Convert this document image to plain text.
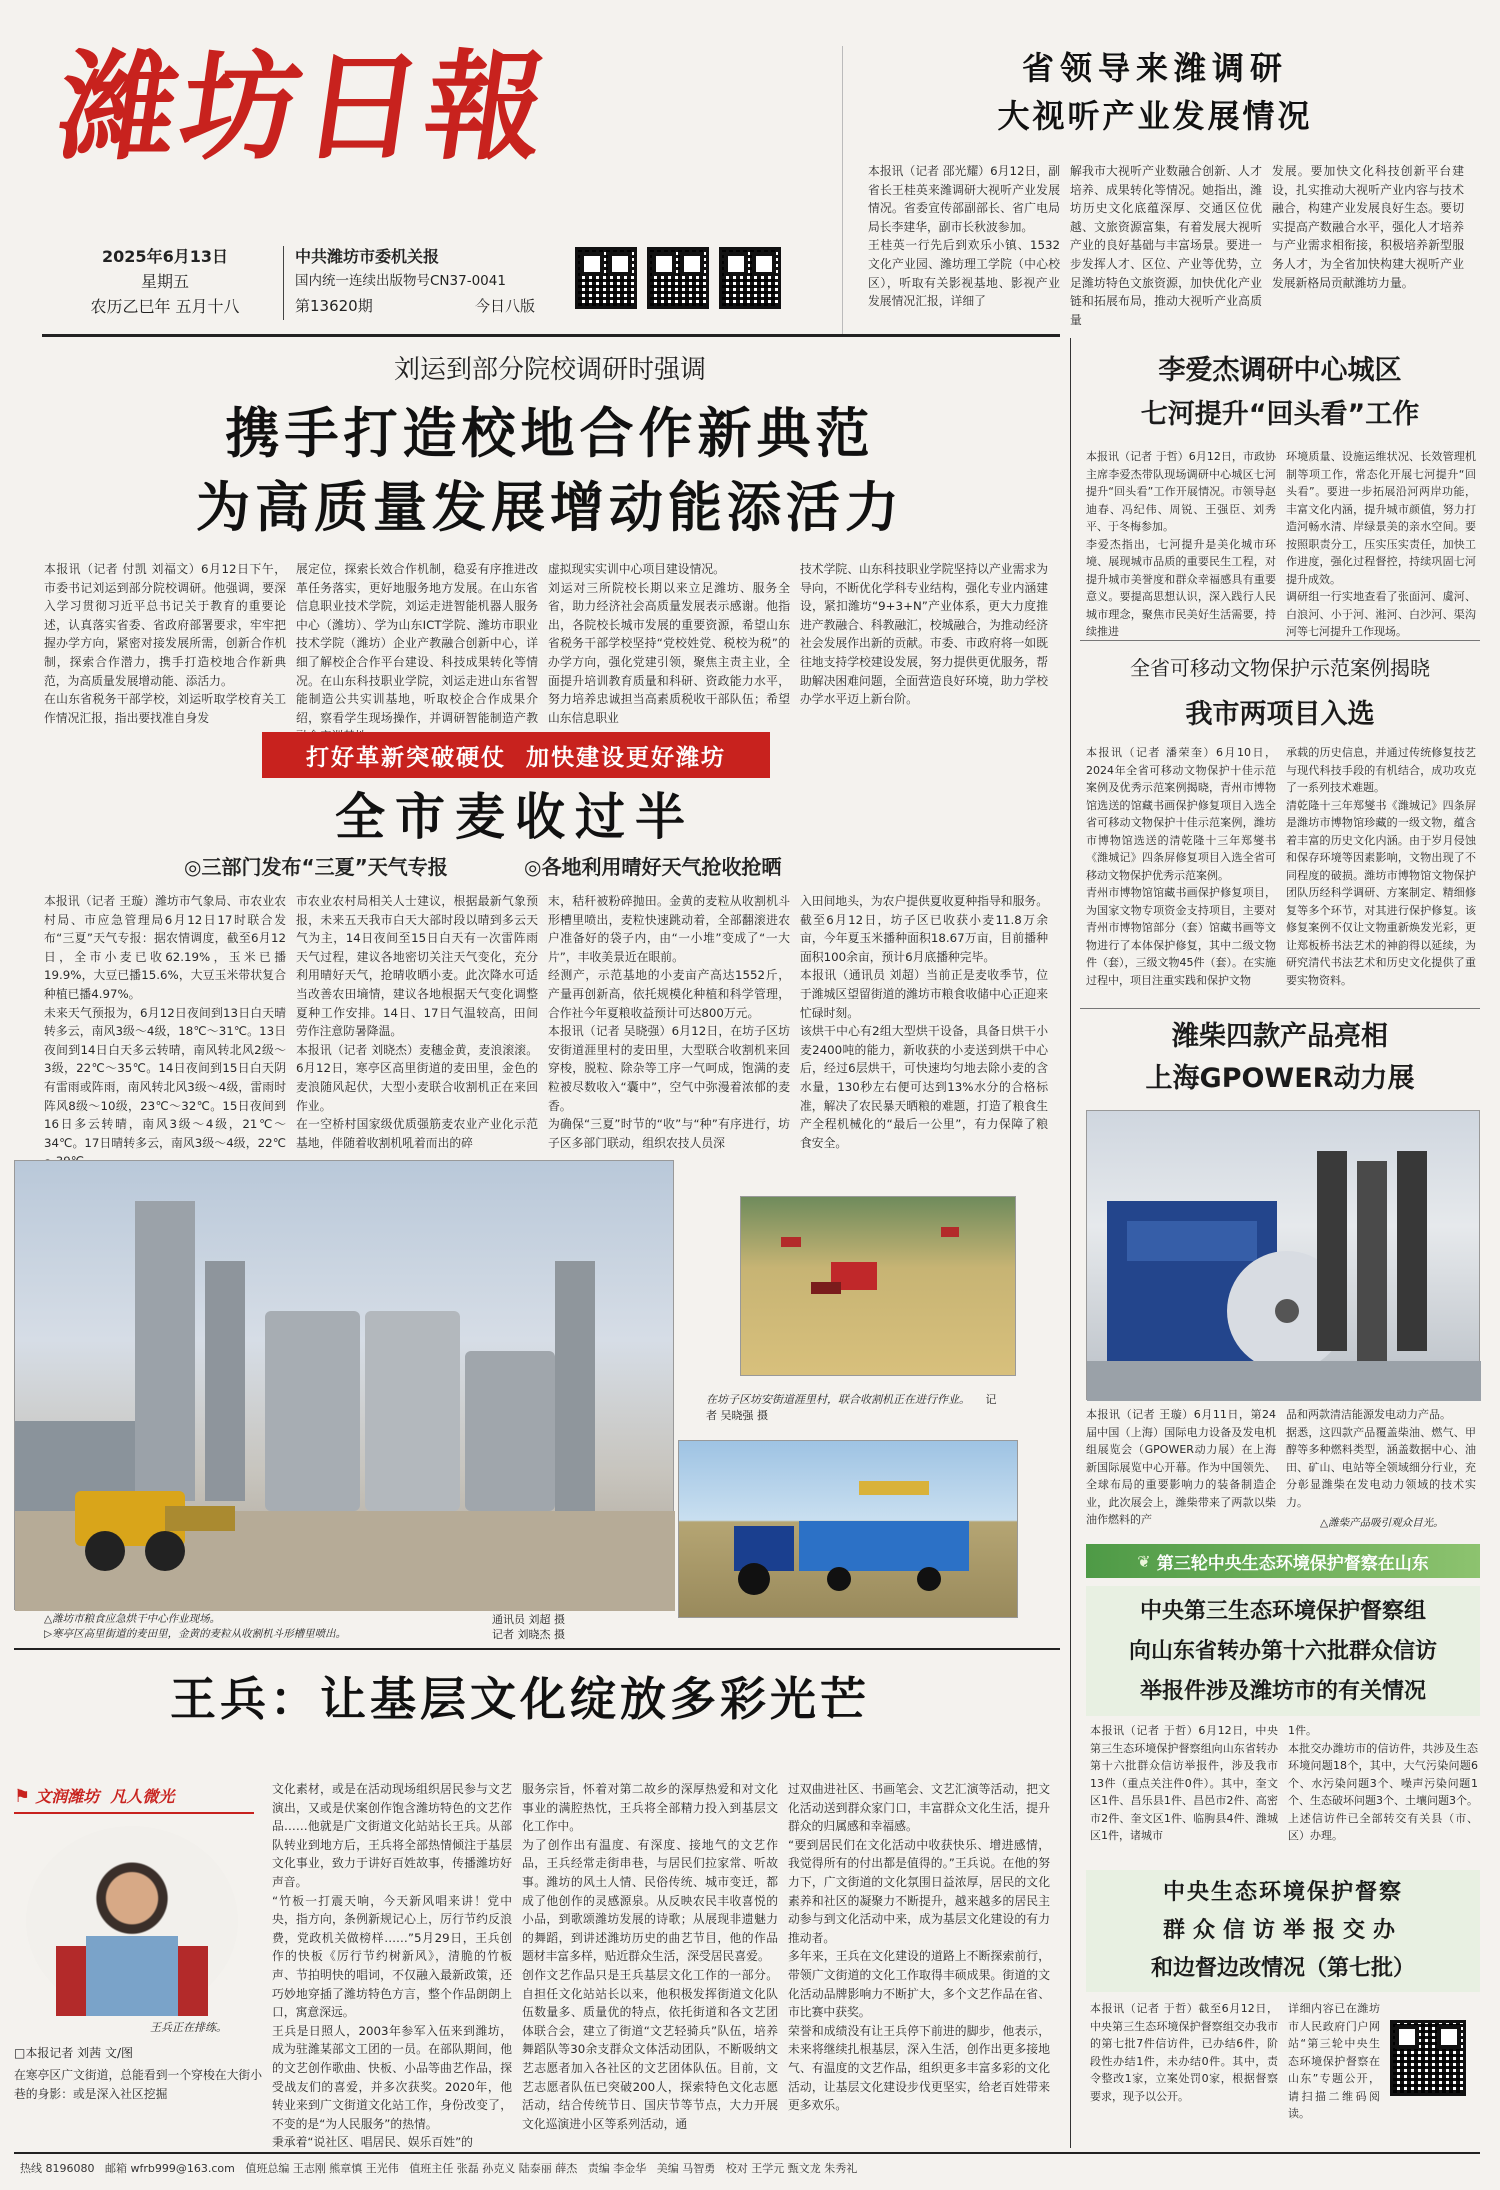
濰坊日報
2025年6月13日
星期五
农历乙巳年 五月十八
中共潍坊市委机关报
国内统一连续出版物号CN37-0041
第13620期	今日八版
省领导来潍调研
大视听产业发展情况
本报讯（记者 邵光耀）6月12日，副省长王桂英来潍调研大视听产业发展情况。省委宣传部副部长、省广电局局长李建华，副市长秋波参加。
王桂英一行先后到欢乐小镇、1532文化产业园、潍坊理工学院（中心校区），听取有关影视基地、影视产业发展情况汇报，详细了
解我市大视听产业数融合创新、人才培养、成果转化等情况。她指出，潍坊历史文化底蕴深厚、交通区位优越、文旅资源富集，有着发展大视听产业的良好基础与丰富场景。要进一步发挥人才、区位、产业等优势，立足潍坊特色文旅资源，加快优化产业链和拓展布局，推动大视听产业高质量
发展。要加快文化科技创新平台建设，扎实推动大视听产业内容与技术融合，构建产业发展良好生态。要切实提高产数融合水平，强化人才培养与产业需求相衔接，积极培养新型服务人才，为全省加快构建大视听产业发展新格局贡献潍坊力量。
刘运到部分院校调研时强调
携手打造校地合作新典范
为高质量发展增动能添活力
本报讯（记者 付凯 刘福文）6月12日下午，市委书记刘运到部分院校调研。他强调，要深入学习贯彻习近平总书记关于教育的重要论述，认真落实省委、省政府部署要求，牢牢把握办学方向，紧密对接发展所需，创新合作机制，探索合作潜力，携手打造校地合作新典范，为高质量发展增动能、添活力。
在山东省税务干部学校，刘运听取学校育关工作情况汇报，指出要找准自身发
展定位，探索长效合作机制，稳妥有序推进改革任务落实，更好地服务地方发展。在山东省信息职业技术学院，刘运走进智能机器人服务中心（潍坊）、学为山东ICT学院、潍坊市职业技术学院（潍坊）企业产教融合创新中心，详细了解校企合作平台建设、科技成果转化等情况。在山东科技职业学院，刘运走进山东省智能制造公共实训基地，听取校企合作成果介绍，察看学生现场操作，并调研智能制造产教
虚拟现实实训中心项目建设情况。
刘运对三所院校长期以来立足潍坊、服务全省，助力经济社会高质量发展表示感谢。他指出，各院校长城市发展的重要资源，希望山东省税务干部学校坚持“党校姓党、税校为税”的办学方向，强化党建引领，聚焦主责主业，全面提升培训教育质量和科研、资政能力水平，努力培养忠诚担当高素质税收干部队伍；希望山东信息职业
技术学院、山东科技职业学院坚持以产业需求为导向，不断优化学科专业结构，强化专业内涵建设，紧扣潍坊“9+3+N”产业体系，更大力度推进产教融合、科教融汇，校城融合，为推动经济社会发展作出新的贡献。市委、市政府将一如既往地支持学校建设发展，努力提供更优服务，帮助解决困难问题，全面营造良好环境，助力学校办学水平迈上新台阶。
打好革新突破硬仗  加快建设更好潍坊
全市麦收过半
◎三部门发布“三夏”天气专报	◎各地利用晴好天气抢收抢晒
本报讯（记者 王璇）潍坊市气象局、市农业农村局、市应急管理局6月12日17时联合发布“三夏”天气专报：据农情调度，截至6月12日，全市小麦已收62.19%，玉米已播19.9%，大豆已播15.6%，大豆玉米带状复合种植已播4.97%。
未来天气预报为，6月12日夜间到13日白天晴转多云，南风3级～4级，18℃～31℃。13日夜间到14日白天多云转晴，南风转北风2级～3级，22℃～35℃。14日夜间到15日白天阴有雷雨或阵雨，南风转北风3级～4级，雷雨时阵风8级～10级，23℃～32℃。15日夜间到16日多云转晴，南风3级～4级，21℃～34℃。17日晴转多云，南风3级～4级，22℃
市农业农村局相关人士建议，根据最新气象预报，未来五天我市白天大部时段以晴到多云天气为主，14日夜间至15日白天有一次雷阵雨天气过程，建议各地密切关注天气变化，充分利用晴好天气，抢晴收晒小麦。此次降水可适当改善农田墒情，建议各地根据天气变化调整夏种工作安排。14日、17日气温较高，田间劳作注意防暑降温。
本报讯（记者 刘晓杰）麦穗金黄，麦浪滚滚。6月12日，寒亭区高里街道的麦田里，金色的麦浪随风起伏，大型小麦联合收割机正在来回作业。
在一空桥村国家级优质强筋麦农业产业化示范基地，伴随着收割机吼着而出的碎
末，秸秆被粉碎抛田。金黄的麦粒从收割机斗形槽里喷出，麦粒快速跳动着，全部翻滚进农户准备好的袋子内，由“一小堆”变成了“一大片”，丰收美景近在眼前。
经测产，示范基地的小麦亩产高达1552斤，产量再创新高，依托规模化种植和科学管理，合作社今年夏粮收益预计可达800万元。
本报讯（记者 吴晓强）6月12日，在坊子区坊安街道涯里村的麦田里，大型联合收割机来回穿梭，脱粒、除杂等工序一气呵成，饱满的麦粒被尽数收入“囊中”，空气中弥漫着浓郁的麦香。
为确保“三夏”时节的“收”与“种”有序进行，坊子区多部门联动，组织农技人员深
入田间地头，为农户提供夏收夏种指导和服务。截至6月12日，坊子区已收获小麦11.8万余亩，今年夏玉米播种面积18.67万亩，目前播种面积100余亩，预计6月底播种完毕。
本报讯（通讯员 刘超）当前正是麦收季节，位于潍城区望留街道的潍坊市粮食收储中心正迎来忙碌时刻。
该烘干中心有2组大型烘干设备，具备日烘干小麦2400吨的能力，新收获的小麦送到烘干中心后，经过6层烘干，可快速均匀地去除小麦的含水量，130秒左右便可达到13%水分的合格标准，解决了农民暴天晒粮的难题，打造了粮食生产全程机械化的“最后一公里”，有力保障了粮食安全。
在坊子区坊安街道涯里村，联合收割机正在进行作业。 记者 吴晓强 摄
△潍坊市粮食应急烘干中心作业现场。
▷寒亭区高里街道的麦田里，金黄的麦粒从收割机斗形槽里喷出。
通讯员 刘超 摄
记者 刘晓杰 摄
王兵：让基层文化绽放多彩光芒
⚑ 文润潍坊  凡人微光
王兵正在排练。
□本报记者 刘茜 文/图
在寒亭区广文街道，总能看到一个穿梭在大街小巷的身影：或是深入社区挖掘
文化素材，或是在活动现场组织居民参与文艺演出，又或是伏案创作饱含潍坊特色的文艺作品……他就是广文街道文化站站长王兵。从部队转业到地方后，王兵将全部热情倾注于基层文化事业，致力于讲好百姓故事，传播潍坊好声音。
“竹板一打震天响，今天新风唱来讲！党中央，指方向，条例新规记心上，厉行节约反浪费，党政机关做榜样……”5月29日，王兵创作的快板《厉行节约树新风》，清脆的竹板声、节拍明快的唱词，不仅融入最新政策，还巧妙地穿插了潍坊特色方言，整个作品朗朗上口，寓意深远。
王兵是日照人，2003年参军入伍来到潍坊，成为驻潍某部文工团的一员。在部队期间，他的文艺创作歌曲、快板、小品等曲艺作品，探受战友们的喜爱，并多次获奖。2020年，他转业来到广文街道文化站工作，身份改变了，不变的是“为人民服务”的热情。
秉承着“说社区、唱居民、娱乐百姓”的
服务宗旨，怀着对第二故乡的深厚热爱和对文化事业的满腔热忱，王兵将全部精力投入到基层文化工作中。
为了创作出有温度、有深度、接地气的文艺作品，王兵经常走街串巷，与居民们拉家常、听故事。潍坊的风土人情、民俗传统、城市变迁，都成了他创作的灵感源泉。从反映农民丰收喜悦的小品，到歌颂潍坊发展的诗歌；从展现非遗魅力的舞蹈，到讲述潍坊历史的曲艺节目，他的作品题材丰富多样，贴近群众生活，深受居民喜爱。
创作文艺作品只是王兵基层文化工作的一部分。自担任文化站站长以来，他积极发挥街道文化队伍数量多、质量优的特点，依托街道和各文艺团体联合会，建立了街道“文艺轻骑兵”队伍，培养舞蹈队等30余支群众文体活动团队，不断吸纳文艺志愿者加入各社区的文艺团体队伍。目前，文艺志愿者队伍已突破200人，探索特色文化志愿活动，结合传统节日、国庆节等节点，大力开展文化巡演进小区等系列活动，通
过双曲进社区、书画笔会、文艺汇演等活动，把文化活动送到群众家门口，丰富群众文化生活，提升群众的归属感和幸福感。
“要到居民们在文化活动中收获快乐、增进感情，我觉得所有的付出都是值得的。”王兵说。在他的努力下，广文街道的文化氛围日益浓厚，居民的文化素养和社区的凝聚力不断提升，越来越多的居民主动参与到文化活动中来，成为基层文化建设的有力推动者。
多年来，王兵在文化建设的道路上不断探索前行，带领广文街道的文化工作取得丰硕成果。街道的文化活动品牌影响力不断扩大，多个文艺作品在省、市比赛中获奖。
荣誉和成绩没有让王兵停下前进的脚步，他表示，未来将继续扎根基层，深入生活，创作出更多接地气、有温度的文艺作品，组织更多丰富多彩的文化活动，让基层文化建设步伐更坚实，给老百姓带来更多欢乐。
李爱杰调研中心城区
七河提升“回头看”工作
本报讯（记者 于哲）6月12日，市政协主席李爱杰带队现场调研中心城区七河提升“回头看”工作开展情况。市领导赵迪春、冯纪伟、周锐、王强臣、刘秀平、于冬梅参加。
李爱杰指出，七河提升是美化城市环境、展现城市品质的重要民生工程，对提升城市美誉度和群众幸福感具有重要意义。要提高思想认识，深入践行人民城市理念，聚焦市民美好生活需要，持续推进
环境质量、设施运维状况、长效管理机制等项工作，常态化开展七河提升“回头看”。要进一步拓展沿河两岸功能，丰富文化内涵，提升城市颜值，努力打造河畅水清、岸绿景美的亲水空间。要按照职责分工，压实压实责任，加快工作进度，强化过程督控，持续巩固七河提升成效。
调研组一行实地查看了张面河、虞河、白浪河、小于河、溎河、白沙河、渠沟河等七河提升工作现场。
全省可移动文物保护示范案例揭晓
我市两项目入选
本报讯（记者 潘荣奎）6月10日，2024年全省可移动文物保护十佳示范案例及优秀示范案例揭晓，青州市博物馆选送的馆藏书画保护修复项目入选全省可移动文物保护十佳示范案例，潍坊市博物馆选送的清乾隆十三年郑燮书《潍城记》四条屏修复项目入选全省可移动文物保护优秀示范案例。
青州市博物馆馆藏书画保护修复项目，为国家文物专项资金支持项目，主要对青州市博物馆部分（套）馆藏书画等文物进行了本体保护修复，其中二级文物件（套），三级文物45件（套）。在实施过程中，项目注重实践和保护文物
承载的历史信息，并通过传统修复技艺与现代科技手段的有机结合，成功攻克了一系列技术难题。
清乾隆十三年郑燮书《潍城记》四条屏是潍坊市博物馆珍藏的一级文物，蕴含着丰富的历史文化内涵。由于岁月侵蚀和保存环境等因素影响，文物出现了不同程度的破损。潍坊市博物馆文物保护团队历经科学调研、方案制定、精细修复等多个环节，对其进行保护修复。该修复案例不仅让文物重新焕发光彩，更让郑板桥书法艺术的神韵得以延续，为研究清代书法艺术和历史文化提供了重要实物资料。
潍柴四款产品亮相
上海GPOWER动力展
本报讯（记者 王璇）6月11日，第24届中国（上海）国际电力设备及发电机组展览会（GPOWER动力展）在上海新国际展览中心开幕。作为中国领先、全球布局的重要影响力的装备制造企业，此次展会上，潍柴带来了两款以柴油作燃料的产
品和两款清洁能源发电动力产品。
据悉，这四款产品覆盖柴油、燃气、甲醇等多种燃料类型，涵盖数据中心、油田、矿山、电站等全领域细分行业，充分彰显潍柴在发电动力领域的技术实力。
△潍柴产品吸引观众目光。
❦ 第三轮中央生态环境保护督察在山东
中央第三生态环境保护督察组
向山东省转办第十六批群众信访
举报件涉及潍坊市的有关情况
本报讯（记者 于哲）6月12日，中央第三生态环境保护督察组向山东省转办第十六批群众信访举报件，涉及我市13件（重点关注件0件）。其中，奎文区1件、昌乐县1件、昌邑市2件、高密市2件、奎文区1件、临朐县4件、潍城区1件，诸城市
1件。
本批交办潍坊市的信访件，共涉及生态环境问题18个，其中，大气污染问题6个、水污染问题3个、噪声污染问题1个、生态破坏问题3个、土壤问题3个。
上述信访件已全部转交有关县（市、区）办理。
中央生态环境保护督察
群众信访举报交办
和边督边改情况（第七批）
本报讯（记者 于哲）截至6月12日，中央第三生态环境保护督察组交办我市的第七批7件信访件，已办结6件，阶段性办结1件，未办结0件。其中，责令整改1家，立案处罚0家，根据督察要求，现予以公开。
详细内容已在潍坊市人民政府门户网站“第三轮中央生态环境保护督察在山东”专题公开，请扫描二维码阅读。
热线 8196080   邮箱 wfrb999@163.com   值班总编 王志刚 熊章慎 王光伟   值班主任 张磊 孙克义 陆泰丽 薛杰   责编 李金华   美编 马智勇   校对 王学元 甄文龙 朱秀礼
